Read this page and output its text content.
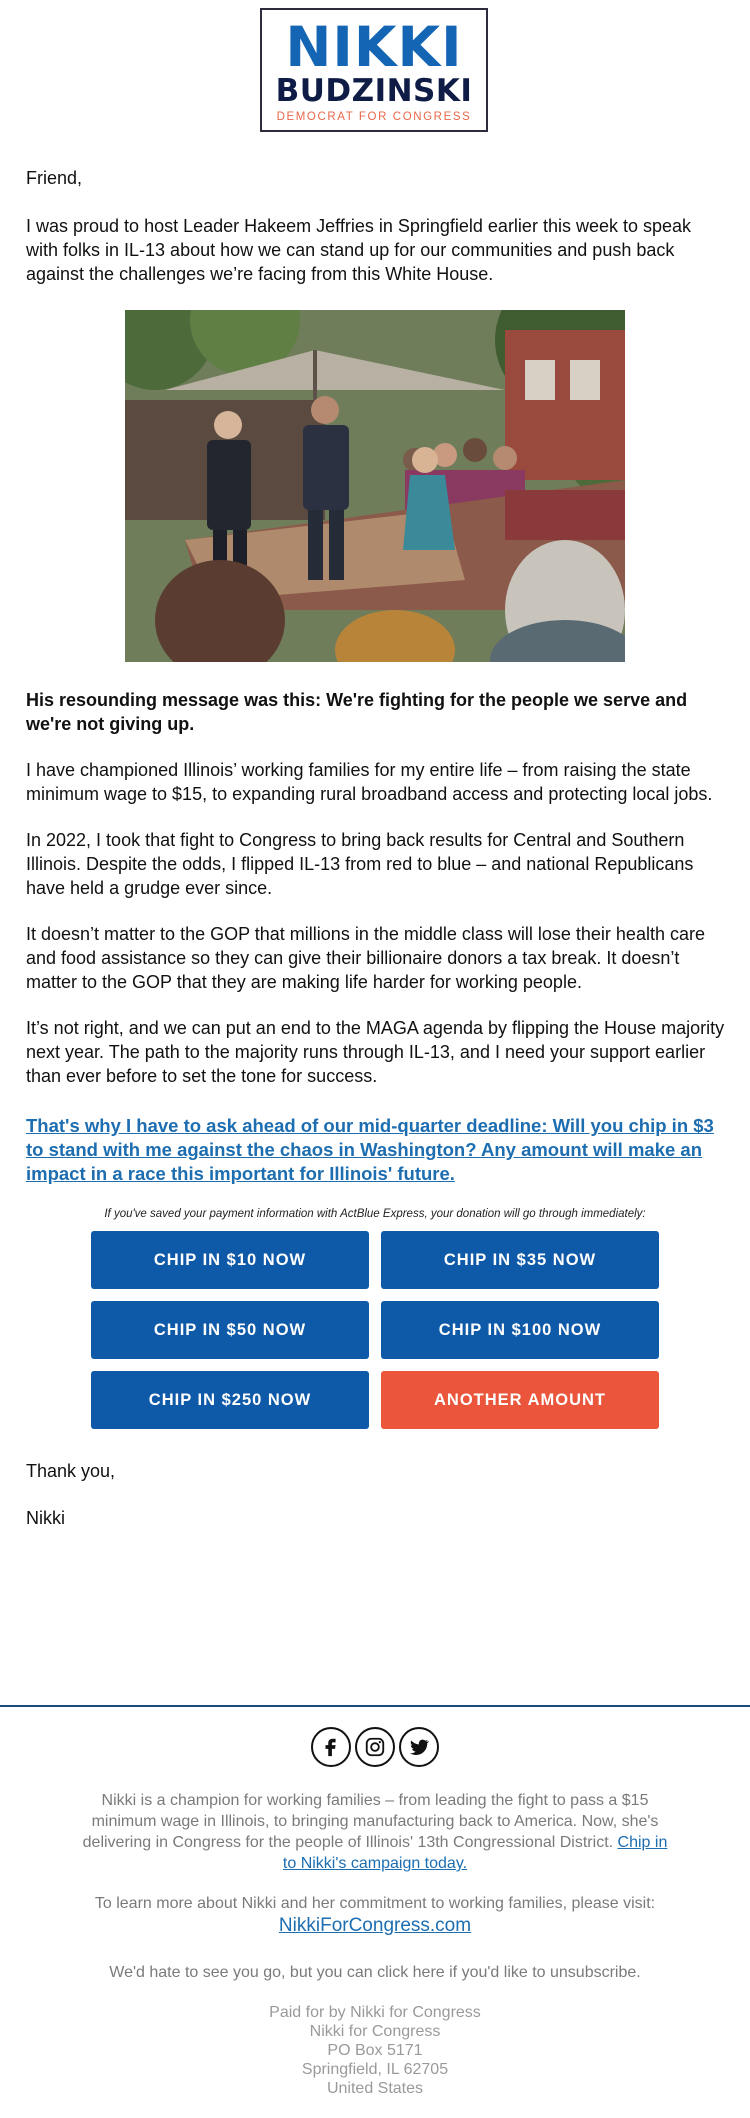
NIKKI
BUDZINSKI
DEMOCRAT FOR CONGRESS

Friend,

I was proud to host Leader Hakeem Jeffries in Springfield earlier this week to speak with folks in IL-13 about how we can stand up for our communities and push back against the challenges we’re facing from this White House.

His resounding message was this: We're fighting for the people we serve and we're not giving up.

I have championed Illinois’ working families for my entire life – from raising the state minimum wage to $15, to expanding rural broadband access and protecting local jobs.

In 2022, I took that fight to Congress to bring back results for Central and Southern Illinois. Despite the odds, I flipped IL-13 from red to blue – and national Republicans have held a grudge ever since.

It doesn’t matter to the GOP that millions in the middle class will lose their health care and food assistance so they can give their billionaire donors a tax break. It doesn’t matter to the GOP that they are making life harder for working people.

It’s not right, and we can put an end to the MAGA agenda by flipping the House majority next year. The path to the majority runs through IL-13, and I need your support earlier than ever before to set the tone for success.

That's why I have to ask ahead of our mid-quarter deadline: Will you chip in $3 to stand with me against the chaos in Washington? Any amount will make an impact in a race this important for Illinois' future.

If you've saved your payment information with ActBlue Express, your donation will go through immediately:
CHIP IN $10 NOW	CHIP IN $35 NOW
CHIP IN $50 NOW	CHIP IN $100 NOW
CHIP IN $250 NOW	ANOTHER AMOUNT

Thank you,

Nikki

Nikki is a champion for working families – from leading the fight to pass a $15 minimum wage in Illinois, to bringing manufacturing back to America. Now, she's delivering in Congress for the people of Illinois' 13th Congressional District. Chip in to Nikki's campaign today.

To learn more about Nikki and her commitment to working families, please visit:

NikkiForCongress.com

We'd hate to see you go, but you can click here if you'd like to unsubscribe.

Paid for by Nikki for Congress
Nikki for Congress
PO Box 5171
Springfield, IL 62705
United States
